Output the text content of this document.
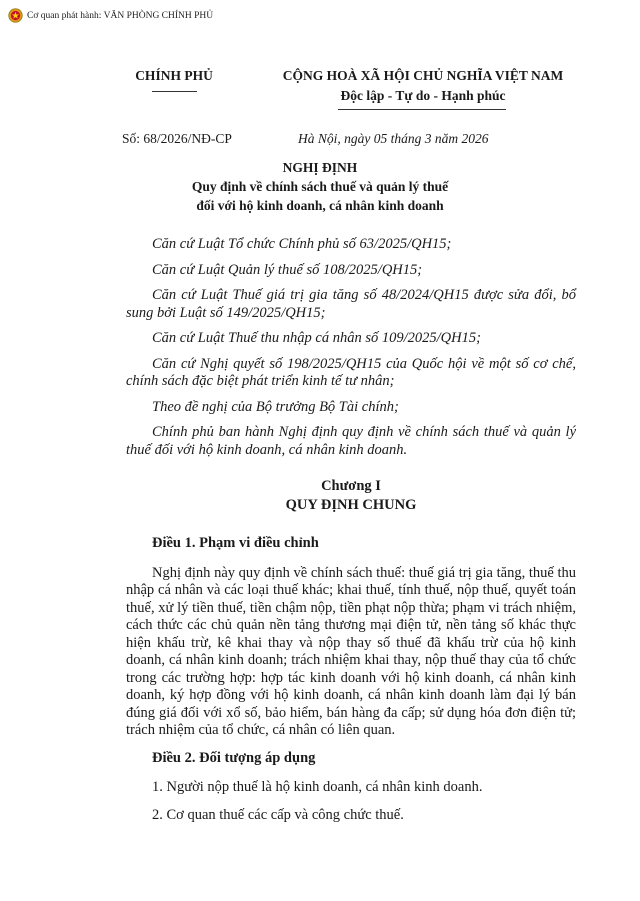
Cơ quan phát hành: VĂN PHÒNG CHÍNH PHỦ
CHÍNH PHỦ	CỘNG HOÀ XÃ HỘI CHỦ NGHĨA VIỆT NAM
Độc lập - Tự do - Hạnh phúc
Số: 68/2026/NĐ-CP	Hà Nội, ngày 05 tháng 3 năm 2026
NGHỊ ĐỊNH
Quy định về chính sách thuế và quản lý thuế
đối với hộ kinh doanh, cá nhân kinh doanh

Căn cứ Luật Tổ chức Chính phủ số 63/2025/QH15;

Căn cứ Luật Quản lý thuế số 108/2025/QH15;

Căn cứ Luật Thuế giá trị gia tăng số 48/2024/QH15 được sửa đổi, bổ sung bởi Luật số 149/2025/QH15;

Căn cứ Luật Thuế thu nhập cá nhân số 109/2025/QH15;

Căn cứ Nghị quyết số 198/2025/QH15 của Quốc hội về một số cơ chế, chính sách đặc biệt phát triển kinh tế tư nhân;

Theo đề nghị của Bộ trưởng Bộ Tài chính;

Chính phủ ban hành Nghị định quy định về chính sách thuế và quản lý thuế đối với hộ kinh doanh, cá nhân kinh doanh.

Chương I
QUY ĐỊNH CHUNG

Điều 1. Phạm vi điều chỉnh

Nghị định này quy định về chính sách thuế: thuế giá trị gia tăng, thuế thu nhập cá nhân và các loại thuế khác; khai thuế, tính thuế, nộp thuế, quyết toán thuế, xử lý tiền thuế, tiền chậm nộp, tiền phạt nộp thừa; phạm vi trách nhiệm, cách thức các chủ quản nền tảng thương mại điện tử, nền tảng số khác thực hiện khấu trừ, kê khai thay và nộp thay số thuế đã khấu trừ của hộ kinh doanh, cá nhân kinh doanh; trách nhiệm khai thay, nộp thuế thay của tổ chức trong các trường hợp: hợp tác kinh doanh với hộ kinh doanh, cá nhân kinh doanh, ký hợp đồng với hộ kinh doanh, cá nhân kinh doanh làm đại lý bán đúng giá đối với xổ số, bảo hiểm, bán hàng đa cấp; sử dụng hóa đơn điện tử; trách nhiệm của tổ chức, cá nhân có liên quan.

Điều 2. Đối tượng áp dụng

1. Người nộp thuế là hộ kinh doanh, cá nhân kinh doanh.

2. Cơ quan thuế các cấp và công chức thuế.
